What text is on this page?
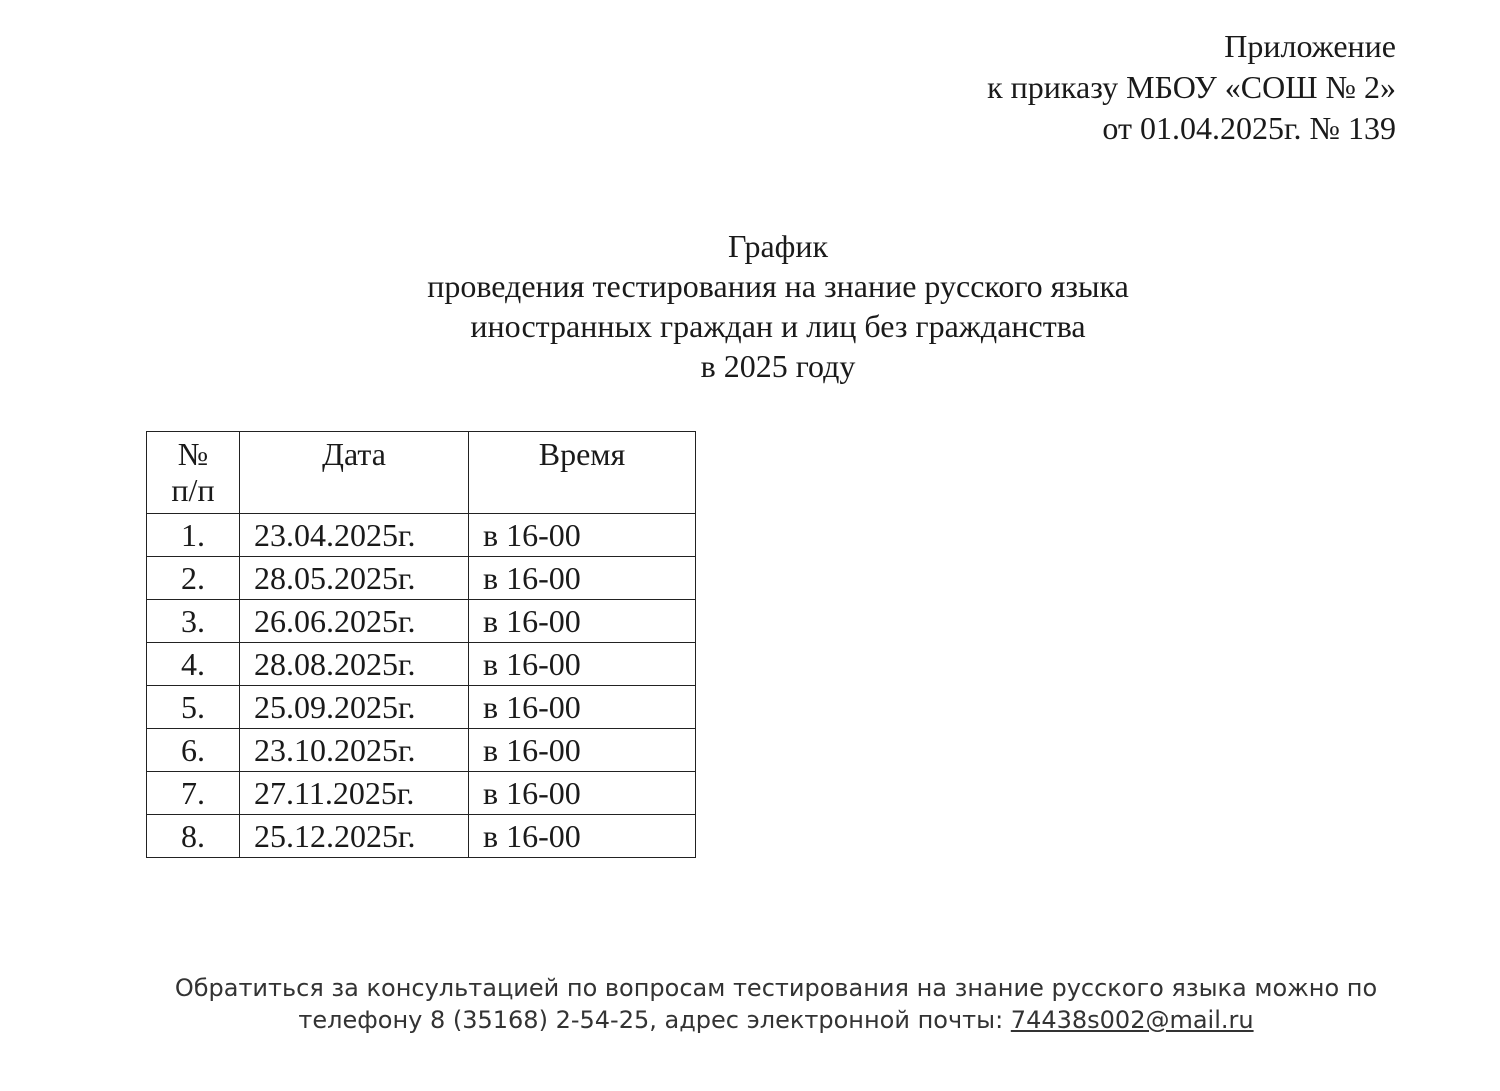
Приложение
к приказу МБОУ «СОШ № 2»
от 01.04.2025г. № 139
График
проведения тестирования на знание русского языка
иностранных граждан и лиц без гражданства
в 2025 году
№
п/п	Дата	Время
1.	23.04.2025г.	в 16-00
2.	28.05.2025г.	в 16-00
3.	26.06.2025г.	в 16-00
4.	28.08.2025г.	в 16-00
5.	25.09.2025г.	в 16-00
6.	23.10.2025г.	в 16-00
7.	27.11.2025г.	в 16-00
8.	25.12.2025г.	в 16-00
Обратиться за консультацией по вопросам тестирования на знание русского языка можно по
телефону 8 (35168) 2-54-25, адрес электронной почты: 74438s002@mail.ru
